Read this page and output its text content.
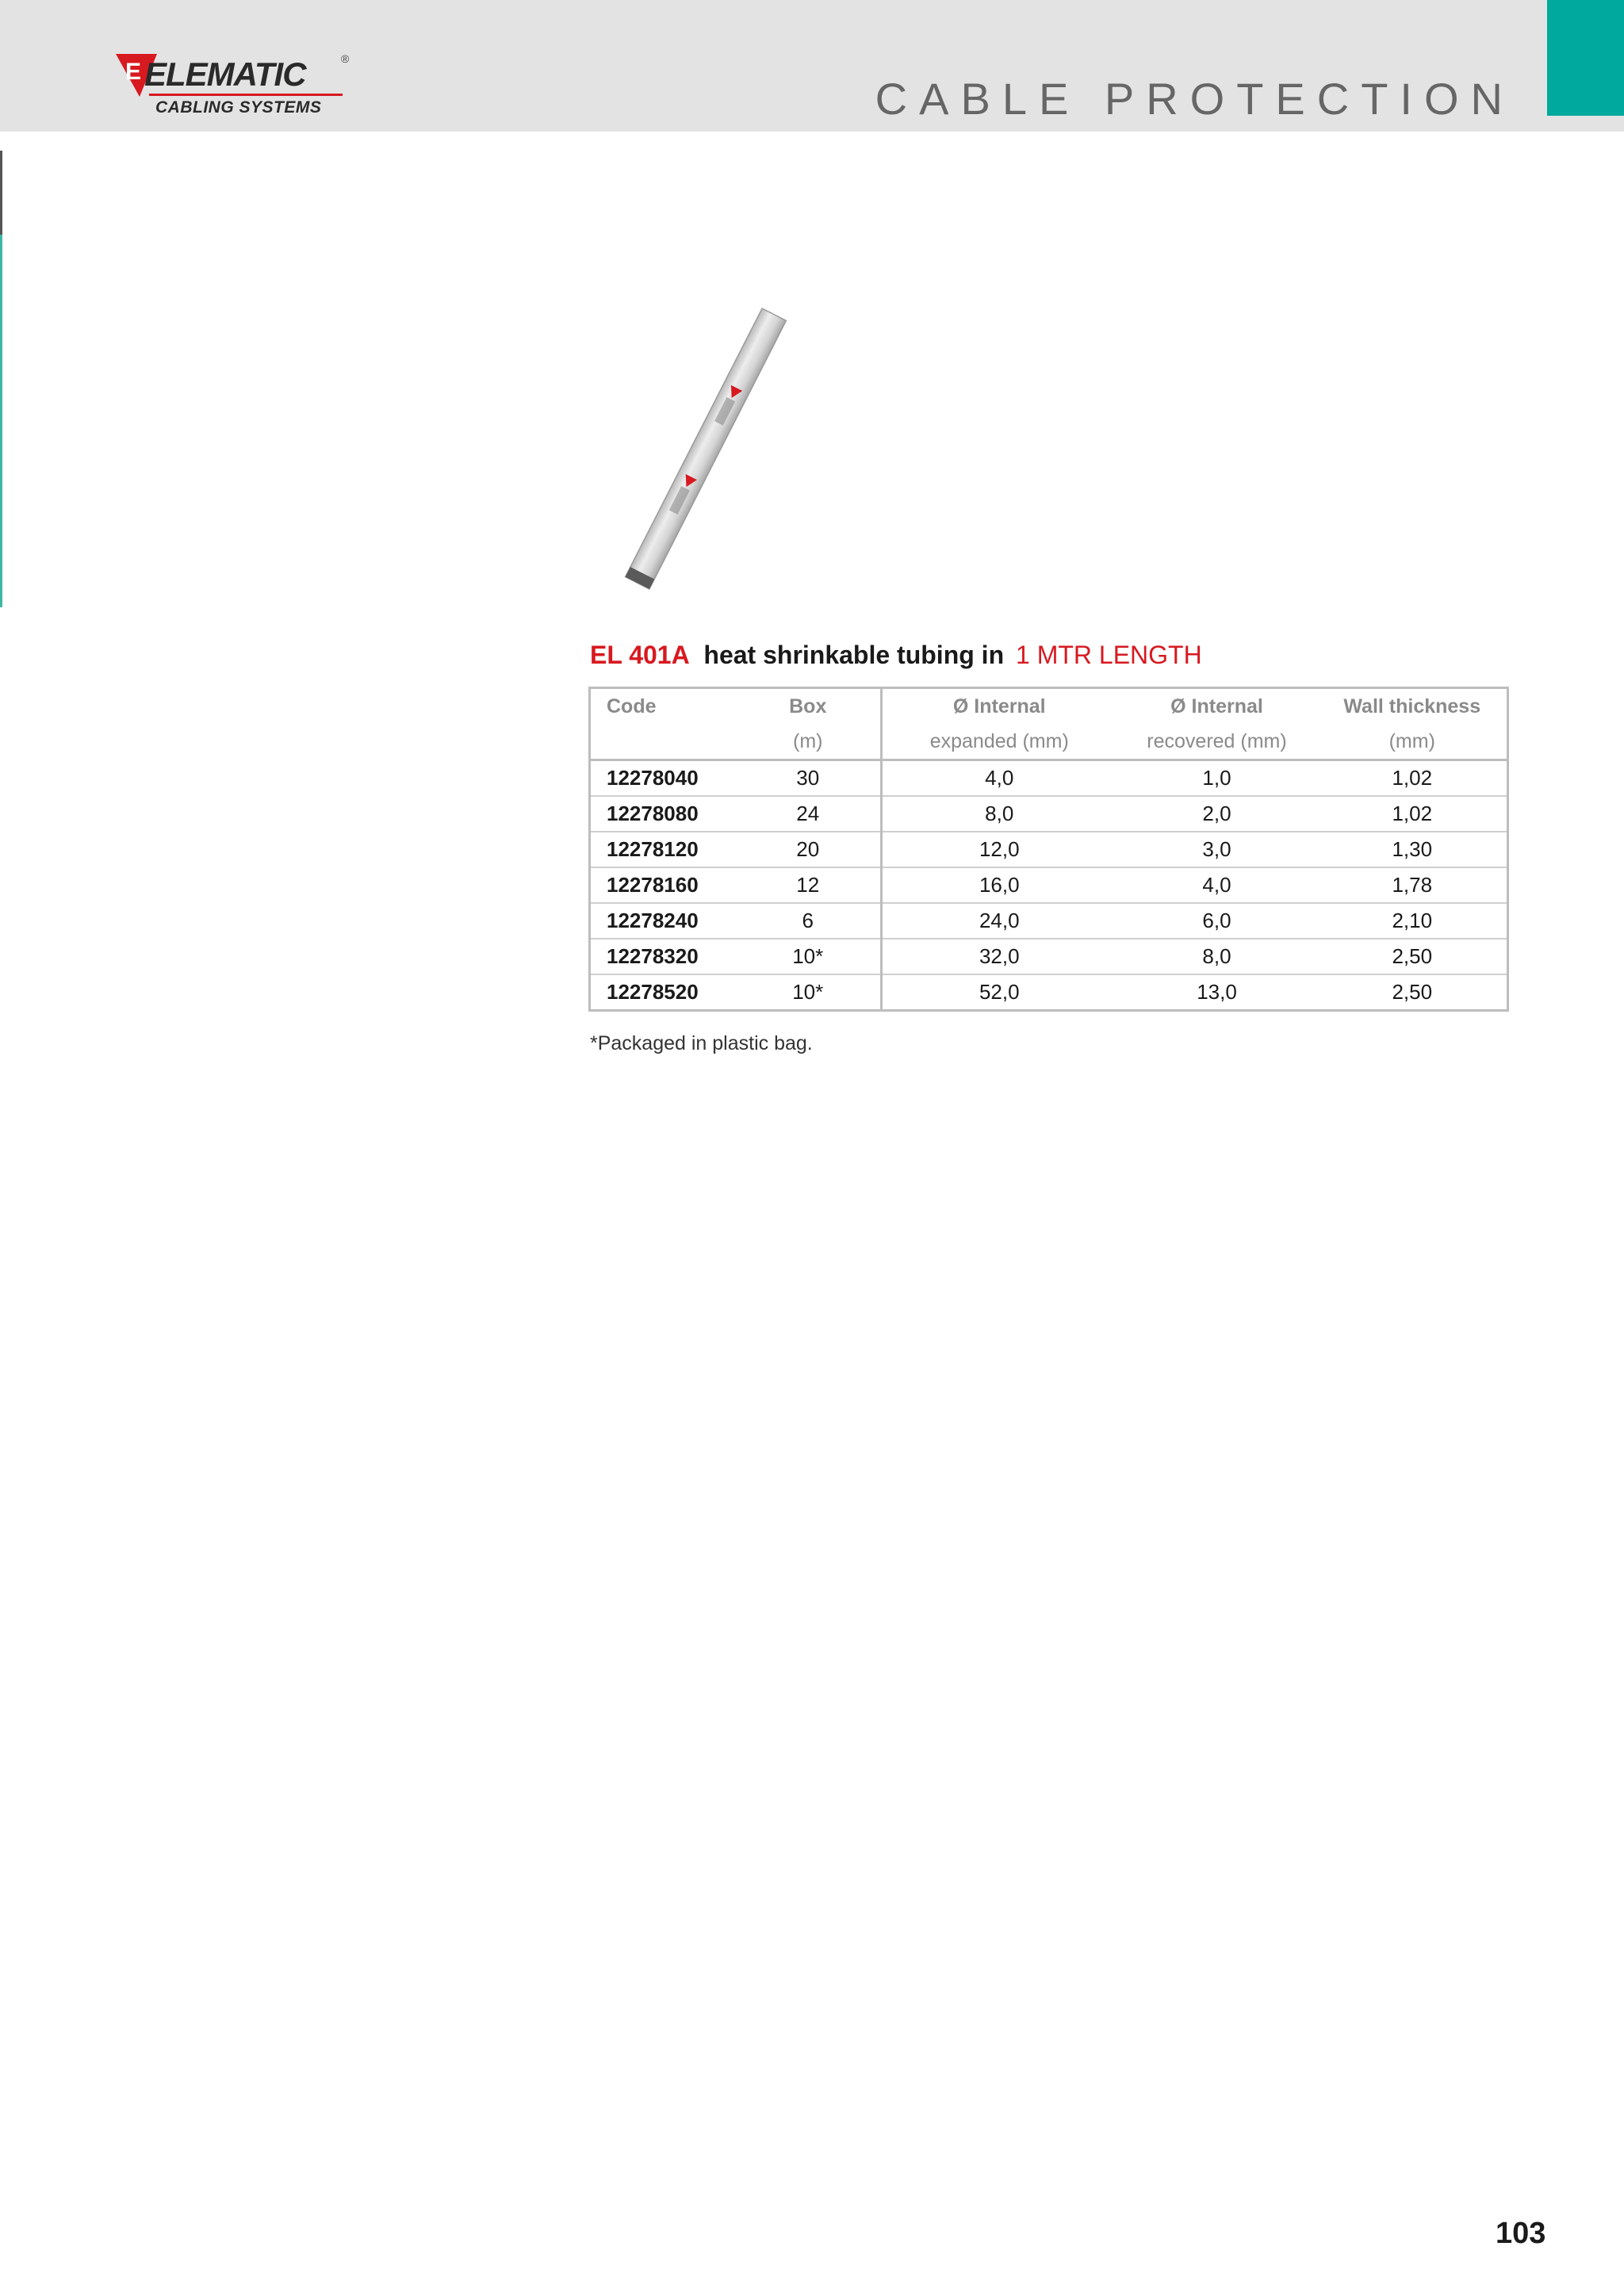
E ELEMATIC	®
CABLING SYSTEMS	CABLE PROTECTION
EL 401A heat shrinkable tubing in 1 MTR LENGTH
Code	Box	Ø Internal	Ø Internal	Wall thickness
	(m)	expanded (mm)	recovered (mm)	(mm)
12278040	30	4,0	1,0	1,02
12278080	24	8,0	2,0	1,02
12278120	20	12,0	3,0	1,30
12278160	12	16,0	4,0	1,78
12278240	6	24,0	6,0	2,10
12278320	10*	32,0	8,0	2,50
12278520	10*	52,0	13,0	2,50
*Packaged in plastic bag.
103
